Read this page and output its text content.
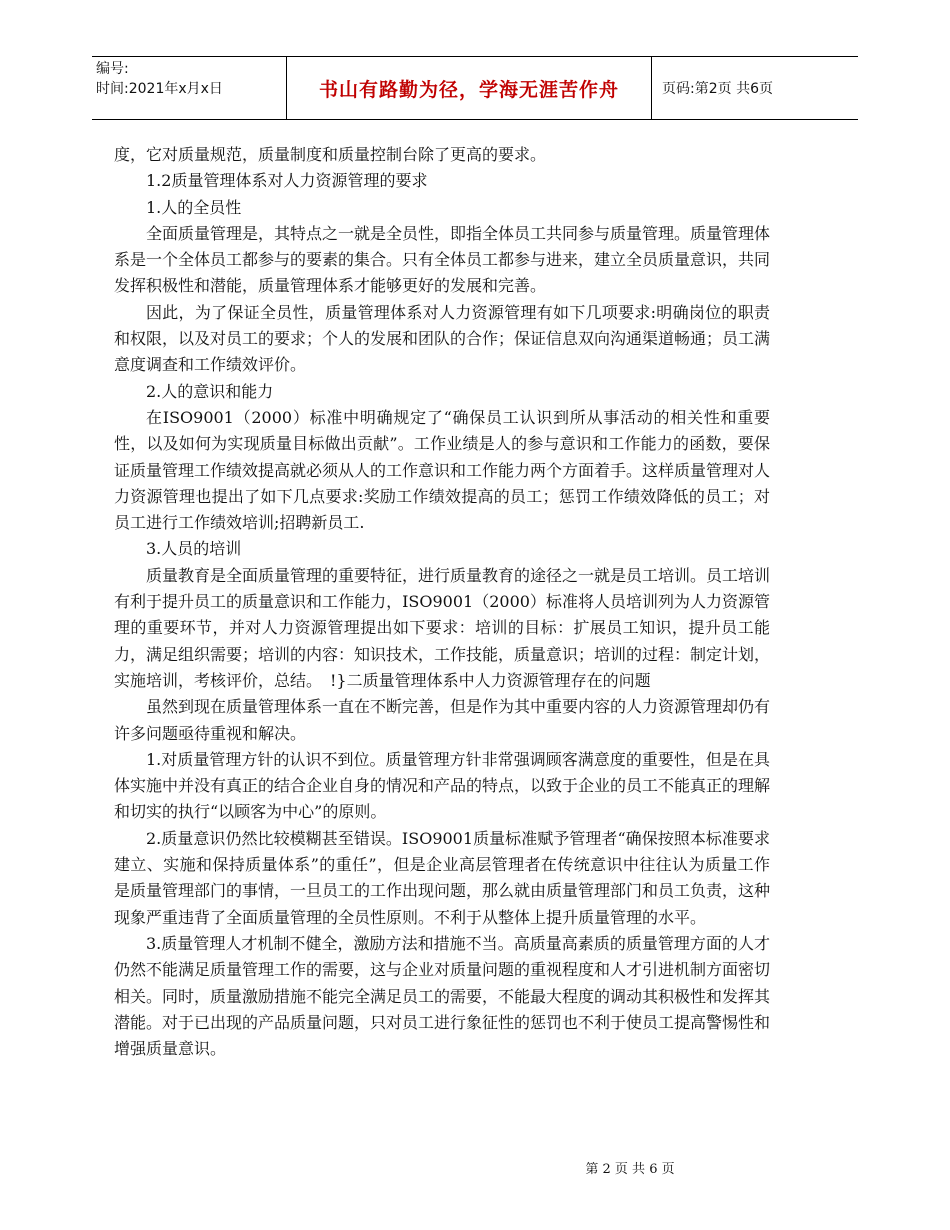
编号:
时间:2021年x月x日	书山有路勤为径，学海无涯苦作舟	页码:第2页 共6页

度，它对质量规范，质量制度和质量控制台除了更高的要求。

1.2质量管理体系对人力资源管理的要求

1.人的全员性

全面质量管理是，其特点之一就是全员性，即指全体员工共同参与质量管理。质量管理体系是一个全体员工都参与的要素的集合。只有全体员工都参与进来，建立全员质量意识，共同发挥积极性和潜能，质量管理体系才能够更好的发展和完善。

因此，为了保证全员性，质量管理体系对人力资源管理有如下几项要求:明确岗位的职责和权限，以及对员工的要求；个人的发展和团队的合作；保证信息双向沟通渠道畅通；员工满意度调查和工作绩效评价。

2.人的意识和能力

在ISO9001（2000）标准中明确规定了“确保员工认识到所从事活动的相关性和重要性，以及如何为实现质量目标做出贡献”。工作业绩是人的参与意识和工作能力的函数，要保证质量管理工作绩效提高就必须从人的工作意识和工作能力两个方面着手。这样质量管理对人力资源管理也提出了如下几点要求:奖励工作绩效提高的员工；惩罚工作绩效降低的员工；对员工进行工作绩效培训;招聘新员工.

3.人员的培训

质量教育是全面质量管理的重要特征，进行质量教育的途径之一就是员工培训。员工培训有利于提升员工的质量意识和工作能力，ISO9001（2000）标准将人员培训列为人力资源管理的重要环节，并对人力资源管理提出如下要求：培训的目标：扩展员工知识，提升员工能力，满足组织需要；培训的内容：知识技术，工作技能，质量意识；培训的过程：制定计划，实施培训，考核评价，总结。　!}二质量管理体系中人力资源管理存在的问题

虽然到现在质量管理体系一直在不断完善，但是作为其中重要内容的人力资源管理却仍有许多问题亟待重视和解决。

1.对质量管理方针的认识不到位。质量管理方针非常强调顾客满意度的重要性，但是在具体实施中并没有真正的结合企业自身的情况和产品的特点，以致于企业的员工不能真正的理解和切实的执行“以顾客为中心”的原则。

2.质量意识仍然比较模糊甚至错误。ISO9001质量标准赋予管理者“确保按照本标准要求建立、实施和保持质量体系”的重任”，但是企业高层管理者在传统意识中往往认为质量工作是质量管理部门的事情，一旦员工的工作出现问题，那么就由质量管理部门和员工负责，这种现象严重违背了全面质量管理的全员性原则。不利于从整体上提升质量管理的水平。

3.质量管理人才机制不健全，激励方法和措施不当。高质量高素质的质量管理方面的人才仍然不能满足质量管理工作的需要，这与企业对质量问题的重视程度和人才引进机制方面密切相关。同时，质量激励措施不能完全满足员工的需要，不能最大程度的调动其积极性和发挥其潜能。对于已出现的产品质量问题，只对员工进行象征性的惩罚也不利于使员工提高警惕性和增强质量意识。

第 2 页 共 6 页
